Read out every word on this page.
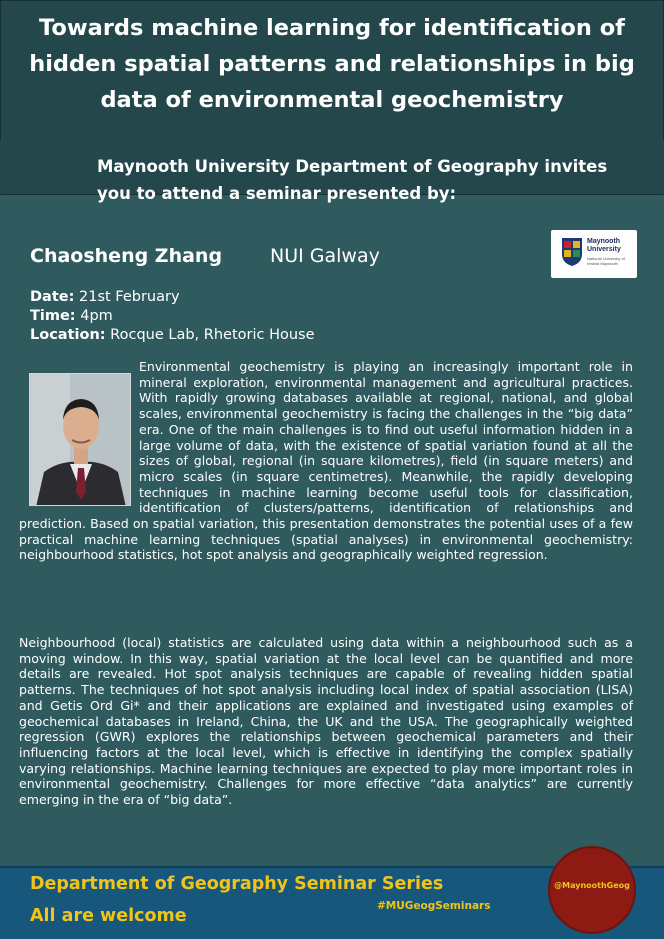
Towards machine learning for identification of hidden spatial patterns and relationships in big data of environmental geochemistry

Maynooth University Department of Geography invites you to attend a seminar presented by:

Chaosheng Zhang	NUI Galway
Maynooth University
National University of Ireland Maynooth
Date: 21st February
Time: 4pm
Location: Rocque Lab, Rhetoric House
Environmental geochemistry is playing an increasingly important role in mineral exploration, environmental management and agricultural practices. With rapidly growing databases available at regional, national, and global scales, environmental geochemistry is facing the challenges in the “big data” era. One of the main challenges is to find out useful information hidden in a large volume of data, with the existence of spatial variation found at all the sizes of global, regional (in square kilometres), field (in square meters) and micro scales (in square centimetres). Meanwhile, the rapidly developing techniques in machine learning become useful tools for classification, identification of clusters/patterns, identification of relationships and prediction. Based on spatial variation, this presentation demonstrates the potential uses of a few practical machine learning techniques (spatial analyses) in environmental geochemistry: neighbourhood statistics, hot spot analysis and geographically weighted regression.

Neighbourhood (local) statistics are calculated using data within a neighbourhood such as a moving window. In this way, spatial variation at the local level can be quantified and more details are revealed. Hot spot analysis techniques are capable of revealing hidden spatial patterns. The techniques of hot spot analysis including local index of spatial association (LISA) and Getis Ord Gi* and their applications are explained and investigated using examples of geochemical databases in Ireland, China, the UK and the USA. The geographically weighted regression (GWR) explores the relationships between geochemical parameters and their influencing factors at the local level, which is effective in identifying the complex spatially varying relationships. Machine learning techniques are expected to play more important roles in environmental geochemistry. Challenges for more effective “data analytics” are currently emerging in the era of “big data”.

Department of Geography Seminar Series
All are welcome	#MUGeogSeminars
@MaynoothGeog
